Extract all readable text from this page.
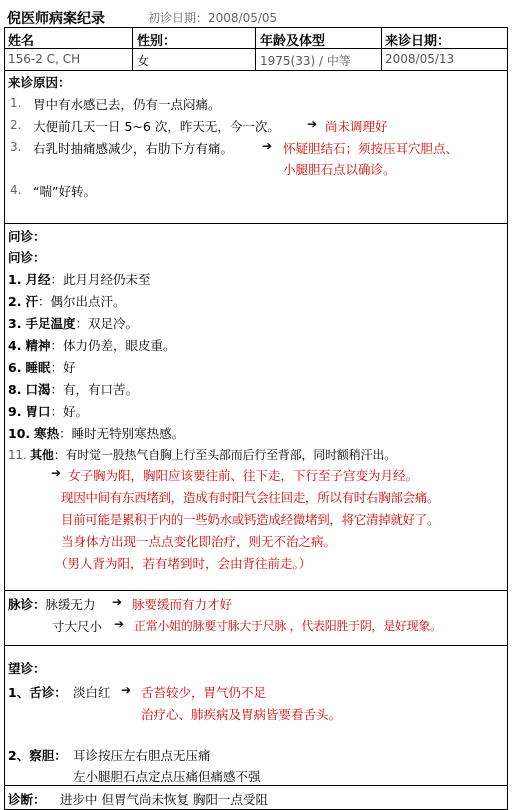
倪医师病案纪录	初诊日期：2008/05/05
姓名	性别：	年龄及体型	来诊日期：
156-2 C, CH	女	1975(33) / 中等	2008/05/13
来诊原因：
1. 胃中有水感已去，仍有一点闷痛。
2. 大便前几天一日 5~6 次，昨天无，今一次。 ➔ 尚未调理好
3. 右乳时抽痛感减少，右肋下方有痛。 ➔ 怀疑胆结石；须按压耳穴胆点、
小腿胆石点以确诊。
4. “喘”好转。
问诊：
问诊：
1. 月经：此月月经仍未至
2. 汗：偶尔出点汗。
3. 手足温度：双足冷。
4. 精神：体力仍差，眼皮重。
6. 睡眠：好
8. 口渴：有，有口苦。
9. 胃口：好。
10. 寒热：睡时无特别寒热感。
11. 其他：有时觉一股热气自胸上行至头部而后行至背部，同时额稍汗出。
➔ 女子胸为阳，胸阳应该要往前、往下走，下行至子宫变为月经。
现因中间有东西堵到，造成有时阳气会往回走，所以有时右胸部会痛。
目前可能是累积于内的一些奶水或钙造成经微堵到，将它清掉就好了。
当身体方出现一点点变化即治疗，则无不治之病。
（男人背为阳，若有堵到时，会由背往前走。）
脉诊：脉缓无力 ➔ 脉要缓而有力才好
寸大尺小 ➔ 正常小姐的脉要寸脉大于尺脉 ，代表阳胜于阴，是好现象。
望诊：
1、舌诊： 淡白红 ➔ 舌苔较少，胃气仍不足
治疗心、肺疾病及胃病皆要看舌头。
2、察胆： 耳诊按压左右胆点无压痛
左小腿胆石点定点压痛但痛感不强
诊断： 进步中 但胃气尚未恢复 胸阳一点受阻
